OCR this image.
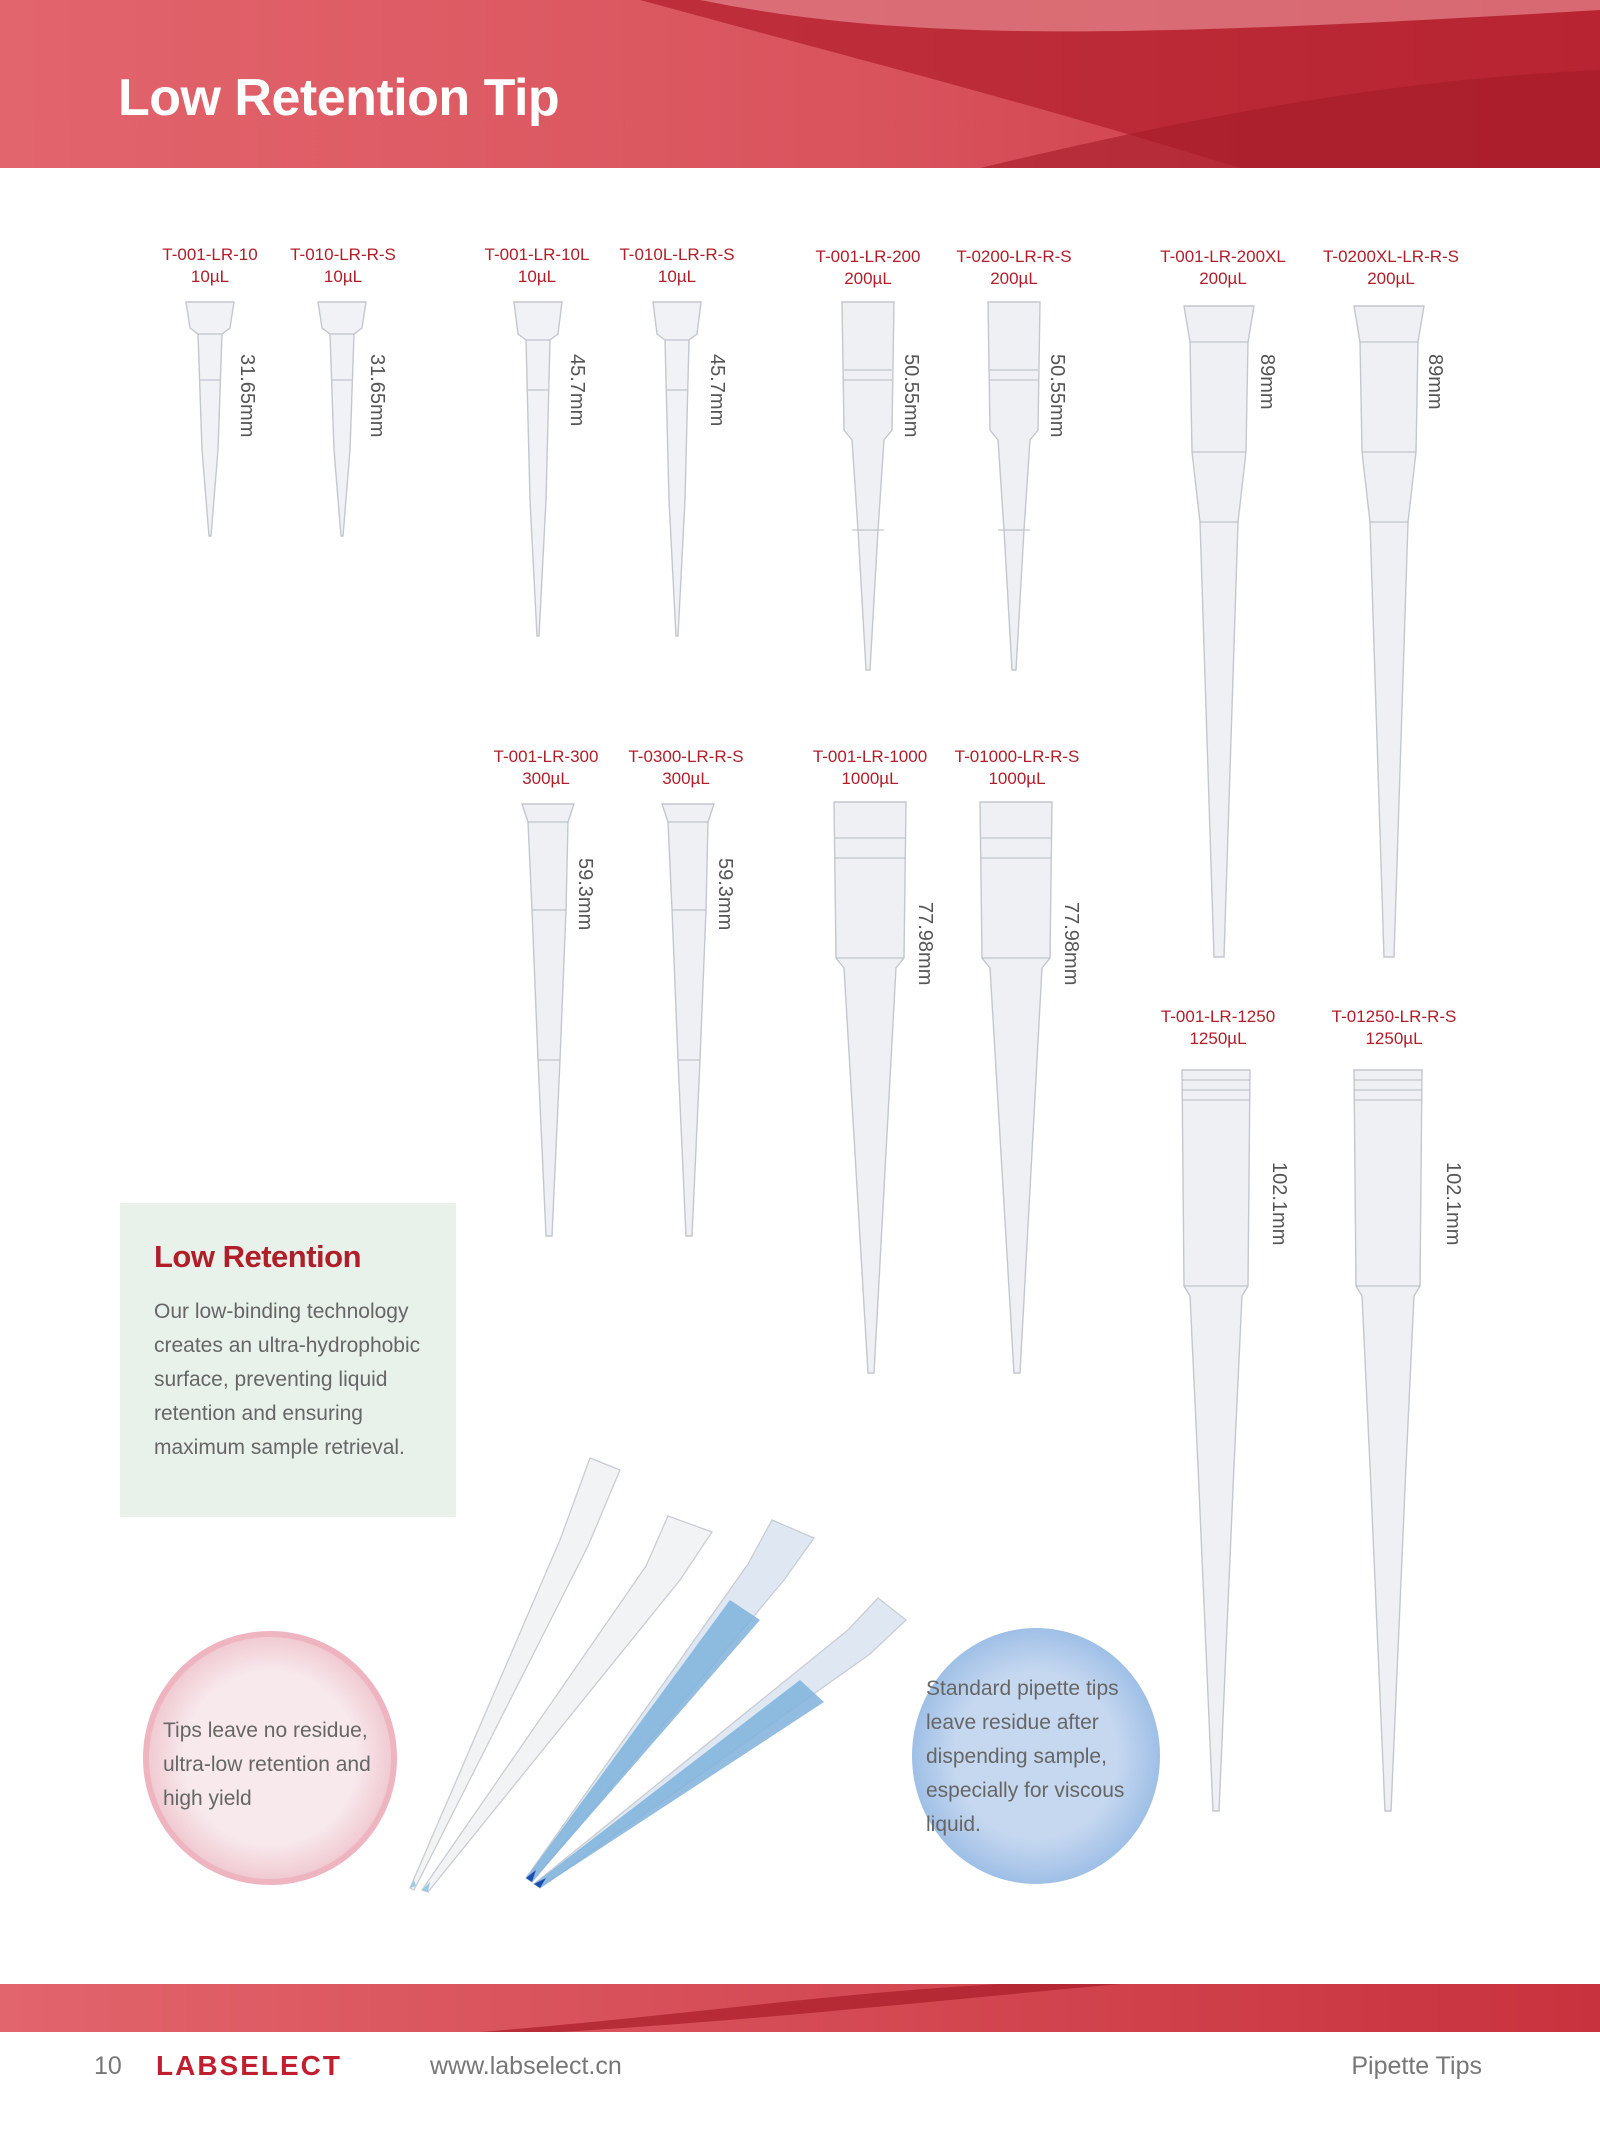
Low Retention Tip
T-001-LR-10
10µL
T-010-LR-R-S
10µL
T-001-LR-10L
10µL
T-010L-LR-R-S
10µL
T-001-LR-200
200µL
T-0200-LR-R-S
200µL
T-001-LR-200XL
200µL
T-0200XL-LR-R-S
200µL
T-001-LR-300
300µL
T-0300-LR-R-S
300µL
T-001-LR-1000
1000µL
T-01000-LR-R-S
1000µL
T-001-LR-1250
1250µL
T-01250-LR-R-S
1250µL
31.65mm	31.65mm	45.7mm	45.7mm	50.55mm	50.55mm	89mm	89mm
59.3mm	59.3mm
77.98mm	77.98mm
102.1mm	102.1mm
Low Retention
Our low-binding technology creates an ultra-hydrophobic surface, preventing liquid retention and ensuring maximum sample retrieval.
Tips leave no residue, ultra-low retention and high yield
Standard pipette tips leave residue after dispending sample, especially for viscous liquid.
10 LABSELECT	www.labselect.cn	Pipette Tips
